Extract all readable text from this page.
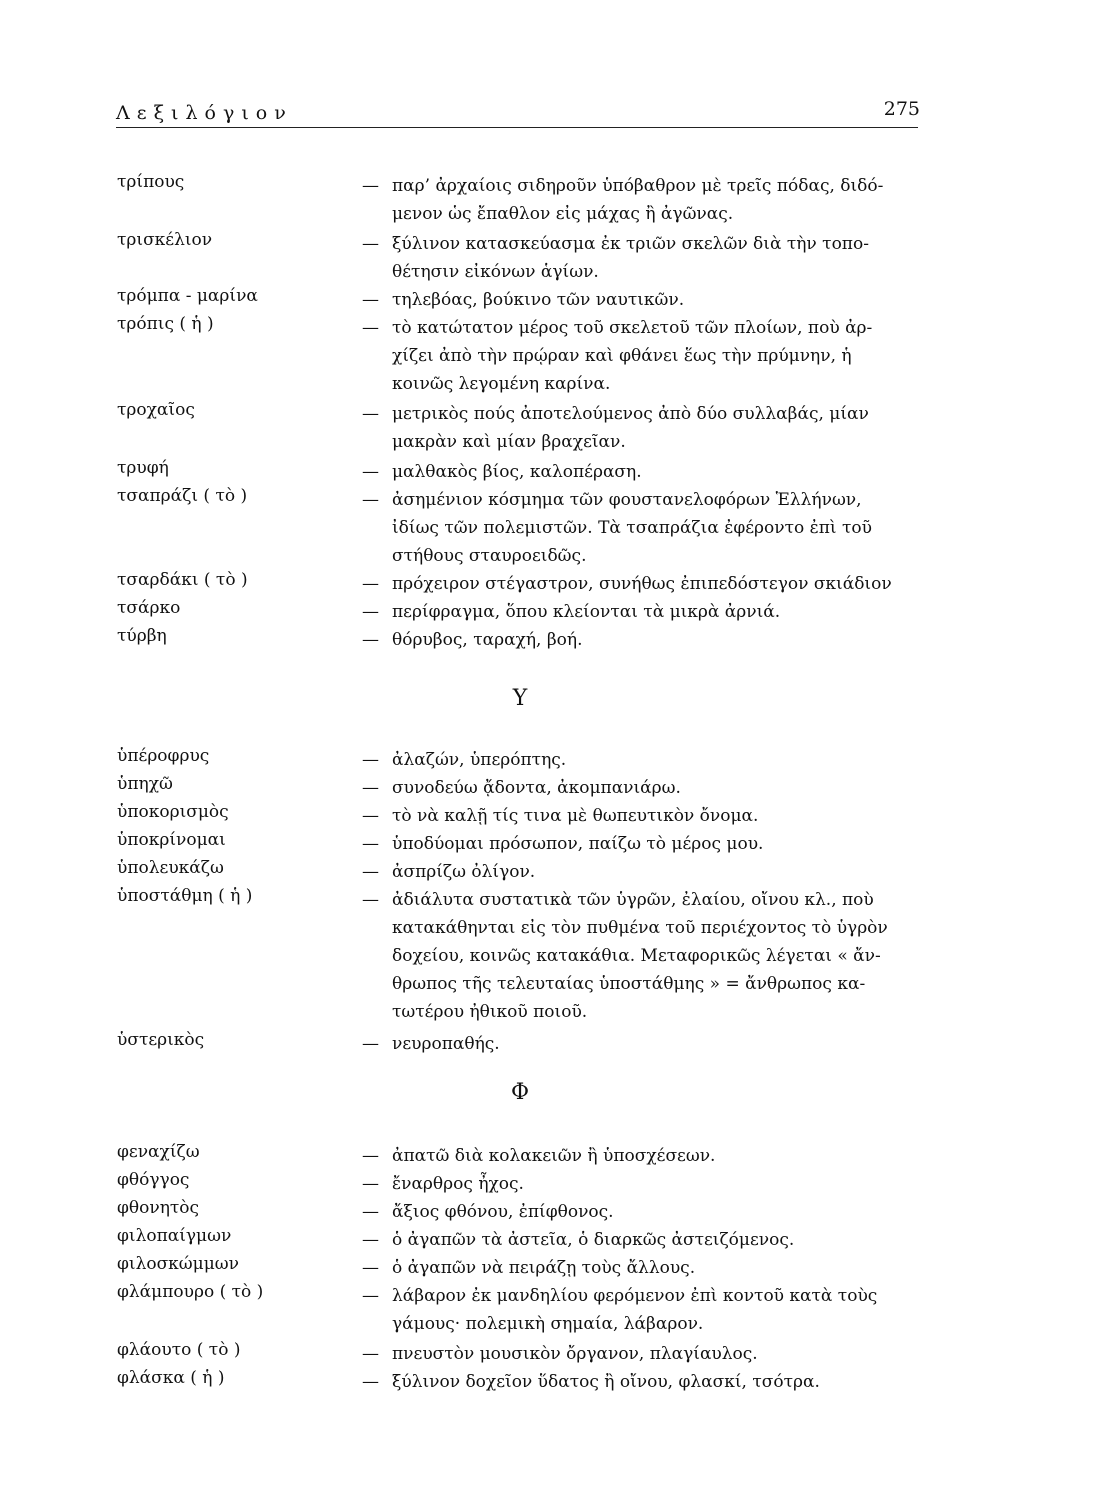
Λεξιλόγιον	275
τρίπους	— παρ’ ἀρχαίοις σιδηροῦν ὑπόβαθρον μὲ τρεῖς πόδας, διδό-
μενον ὡς ἔπαθλον εἰς μάχας ἢ ἀγῶνας.
τρισκέλιον	— ξύλινον κατασκεύασμα ἐκ τριῶν σκελῶν διὰ τὴν τοπο-
θέτησιν εἰκόνων ἁγίων.
τρόμπα - μαρίνα	— τηλεβόας, βούκινο τῶν ναυτικῶν.
τρόπις ( ἡ )	— τὸ κατώτατον μέρος τοῦ σκελετοῦ τῶν πλοίων, ποὺ ἀρ-
χίζει ἀπὸ τὴν πρῴραν καὶ φθάνει ἕως τὴν πρύμνην, ἡ
κοινῶς λεγομένη καρίνα.
τροχαῖος	— μετρικὸς πούς ἀποτελούμενος ἀπὸ δύο συλλαβάς, μίαν
μακρὰν καὶ μίαν βραχεῖαν.
τρυφή	— μαλθακὸς βίος, καλοπέραση.
τσαπράζι ( τὸ )	— ἀσημένιον κόσμημα τῶν φουστανελοφόρων Ἑλλήνων,
ἰδίως τῶν πολεμιστῶν. Τὰ τσαπράζια ἐφέροντο ἐπὶ τοῦ
στήθους σταυροειδῶς.
τσαρδάκι ( τὸ )	— πρόχειρον στέγαστρον, συνήθως ἐπιπεδόστεγον σκιάδιον
τσάρκο	— περίφραγμα, ὅπου κλείονται τὰ μικρὰ ἀρνιά.
τύρβη	— θόρυβος, ταραχή, βοή.
ὑπέροφρυς	— ἀλαζών, ὑπερόπτης.
ὑπηχῶ	— συνοδεύω ᾄδοντα, ἀκομπανιάρω.
ὑποκορισμὸς	— τὸ νὰ καλῇ τίς τινα μὲ θωπευτικὸν ὄνομα.
ὑποκρίνομαι	— ὑποδύομαι πρόσωπον, παίζω τὸ μέρος μου.
ὑπολευκάζω	— ἀσπρίζω ὀλίγον.
ὑποστάθμη ( ἡ )	— ἀδιάλυτα συστατικὰ τῶν ὑγρῶν, ἐλαίου, οἴνου κλ., ποὺ
κατακάθηνται εἰς τὸν πυθμένα τοῦ περιέχοντος τὸ ὑγρὸν
δοχείου, κοινῶς κατακάθια. Μεταφορικῶς λέγεται « ἄν-
θρωπος τῆς τελευταίας ὑποστάθμης » = ἄνθρωπος κα-
τωτέρου ἠθικοῦ ποιοῦ.
ὑστερικὸς	— νευροπαθής.
φεναχίζω	— ἀπατῶ διὰ κολακειῶν ἢ ὑποσχέσεων.
φθόγγος	— ἔναρθρος ἦχος.
φθονητὸς	— ἄξιος φθόνου, ἐπίφθονος.
φιλοπαίγμων	— ὁ ἀγαπῶν τὰ ἀστεῖα, ὁ διαρκῶς ἀστειζόμενος.
φιλοσκώμμων	— ὁ ἀγαπῶν νὰ πειράζῃ τοὺς ἄλλους.
φλάμπουρο ( τὸ )	— λάβαρον ἐκ μανδηλίου φερόμενον ἐπὶ κοντοῦ κατὰ τοὺς
γάμους· πολεμικὴ σημαία, λάβαρον.
φλάουτο ( τὸ )	— πνευστὸν μουσικὸν ὄργανον, πλαγίαυλος.
φλάσκα ( ἡ )	— ξύλινον δοχεῖον ὕδατος ἢ οἴνου, φλασκί, τσότρα.
Υ
Φ
